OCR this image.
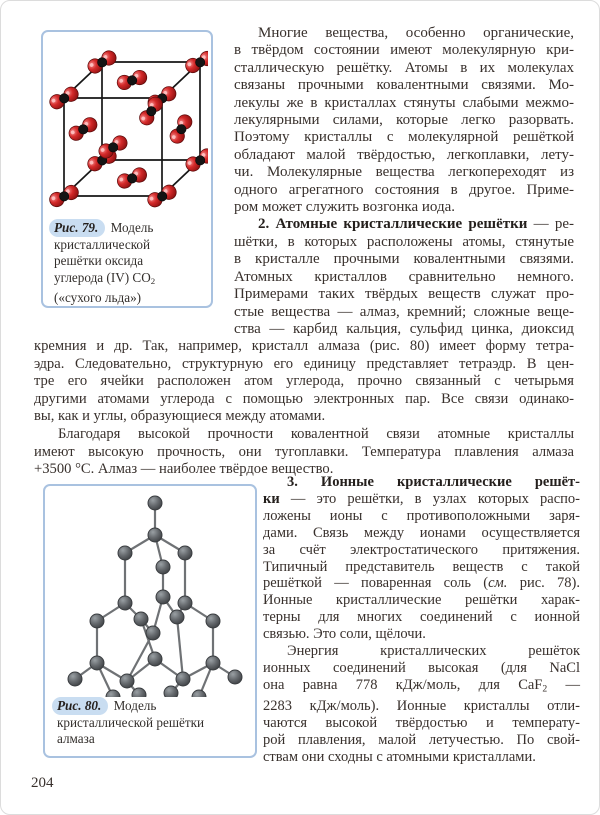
Рис. 79. Модель
кристаллической
решётки оксида
углерода (IV) $CO_2$
(«сухого льда»)
Многие вещества, особенно органические,
в твёрдом состоянии имеют молекулярную кри-
сталлическую решётку. Атомы в их молекулах
связаны прочными ковалентными связями. Мо-
лекулы же в кристаллах стянуты слабыми межмо-
лекулярными силами, которые легко разорвать.
Поэтому кристаллы с молекулярной решёткой
обладают малой твёрдостью, легкоплавки, лету-
чи. Молекулярные вещества легкопереходят из
одного агрегатного состояния в другое. Приме-
ром может служить возгонка иода.
2. Атомные кристаллические решётки — ре-
шётки, в которых расположены атомы, стянутые
в кристалле прочными ковалентными связями.
Атомных кристаллов сравнительно немного.
Примерами таких твёрдых веществ служат про-
стые вещества — алмаз, кремний; сложные веще-
ства — карбид кальция, сульфид цинка, диоксид
кремния и др. Так, например, кристалл алмаза (рис. 80) имеет форму тетра-
эдра. Следовательно, структурную его единицу представляет тетраэдр. В цен-
тре его ячейки расположен атом углерода, прочно связанный с четырьмя
другими атомами углерода с помощью электронных пар. Все связи одинако-
вы, как и углы, образующиеся между атомами.
Благодаря высокой прочности ковалентной связи атомные кристаллы
имеют высокую прочность, они тугоплавки. Температура плавления алмаза
+3500 °С. Алмаз — наиболее твёрдое вещество.
Рис. 80. Модель
кристаллической решётки
алмаза
3. Ионные кристаллические решёт-
ки — это решётки, в узлах которых распо-
ложены ионы с противоположными заря-
дами. Связь между ионами осуществляется
за счёт электростатического притяжения.
Типичный представитель веществ с такой
решёткой — поваренная соль (см. рис. 78).
Ионные кристаллические решётки харак-
терны для многих соединений с ионной
связью. Это соли, щёлочи.
Энергия кристаллических решёток
ионных соединений высокая (для NaCl
она равна 778 кДж/моль, для CaF$_2$ —
2283 кДж/моль). Ионные кристаллы отли-
чаются высокой твёрдостью и температу-
рой плавления, малой летучестью. По свой-
ствам они сходны с атомными кристаллами.
204
